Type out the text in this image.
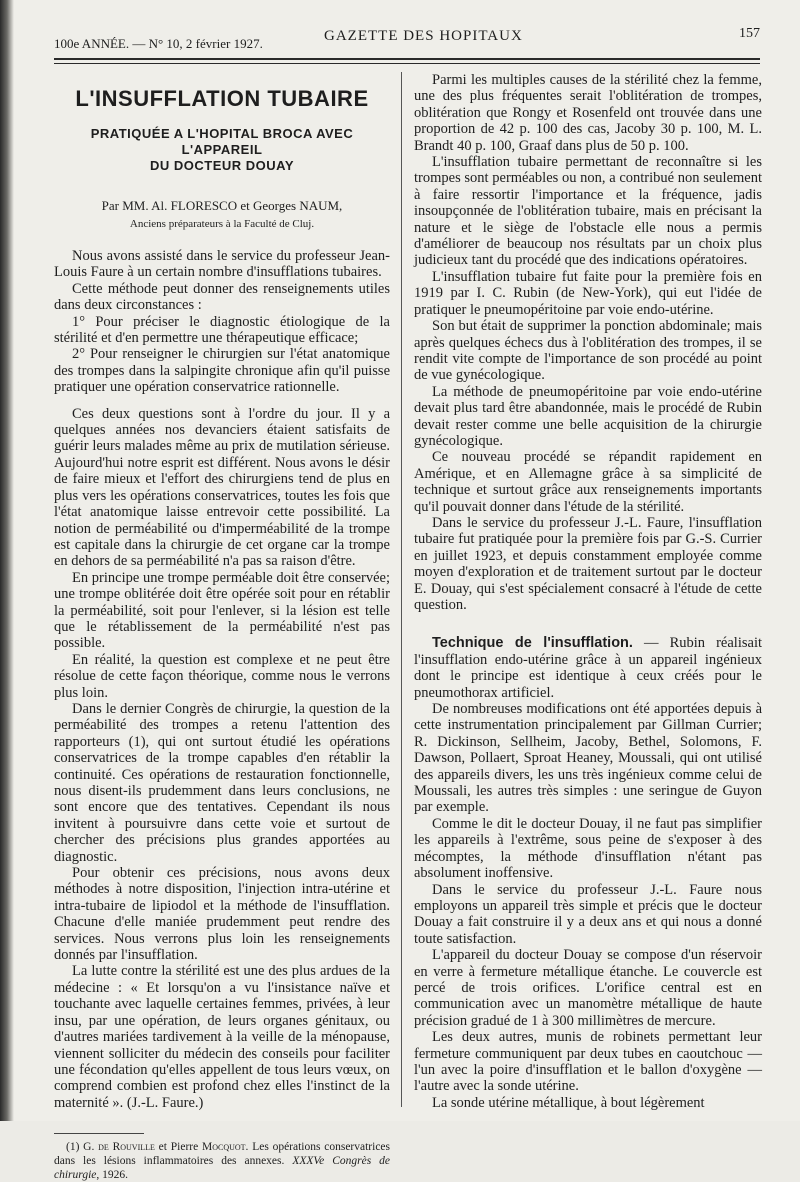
100e ANNÉE. — N° 10, 2 février 1927.	GAZETTE DES HOPITAUX	157
L'INSUFFLATION TUBAIRE
PRATIQUÉE A L'HOPITAL BROCA AVEC L'APPAREIL
DU DOCTEUR DOUAY

Par MM. Al. FLORESCO et Georges NAUM,

Anciens préparateurs à la Faculté de Cluj.

Nous avons assisté dans le service du professeur Jean-Louis Faure à un certain nombre d'insufflations tubaires.

Cette méthode peut donner des renseignements utiles dans deux circonstances :

1° Pour préciser le diagnostic étiologique de la stérilité et d'en permettre une thérapeutique efficace;

2° Pour renseigner le chirurgien sur l'état anatomique des trompes dans la salpingite chronique afin qu'il puisse pratiquer une opération conservatrice rationnelle.

Ces deux questions sont à l'ordre du jour. Il y a quelques années nos devanciers étaient satisfaits de guérir leurs malades même au prix de mutilation sérieuse. Aujourd'hui notre esprit est différent. Nous avons le désir de faire mieux et l'effort des chirurgiens tend de plus en plus vers les opérations conservatrices, toutes les fois que l'état anatomique laisse entrevoir cette possibilité. La notion de perméabilité ou d'imperméabilité de la trompe est capitale dans la chirurgie de cet organe car la trompe en dehors de sa perméabilité n'a pas sa raison d'être.

En principe une trompe perméable doit être conservée; une trompe oblitérée doit être opérée soit pour en rétablir la perméabilité, soit pour l'enlever, si la lésion est telle que le rétablissement de la perméabilité n'est pas possible.

En réalité, la question est complexe et ne peut être résolue de cette façon théorique, comme nous le verrons plus loin.

Dans le dernier Congrès de chirurgie, la question de la perméabilité des trompes a retenu l'attention des rapporteurs (1), qui ont surtout étudié les opérations conservatrices de la trompe capables d'en rétablir la continuité. Ces opérations de restauration fonctionnelle, nous disent-ils prudemment dans leurs conclusions, ne sont encore que des tentatives. Cependant ils nous invitent à poursuivre dans cette voie et surtout de chercher des précisions plus grandes apportées au diagnostic.

Pour obtenir ces précisions, nous avons deux méthodes à notre disposition, l'injection intra-utérine et intra-tubaire de lipiodol et la méthode de l'insufflation. Chacune d'elle maniée prudemment peut rendre des services. Nous verrons plus loin les renseignements donnés par l'insufflation.

La lutte contre la stérilité est une des plus ardues de la médecine : « Et lorsqu'on a vu l'insistance naïve et touchante avec laquelle certaines femmes, privées, à leur insu, par une opération, de leurs organes génitaux, ou d'autres mariées tardivement à la veille de la ménopause, viennent solliciter du médecin des conseils pour faciliter une fécondation qu'elles appellent de tous leurs vœux, on comprend combien est profond chez elles l'instinct de la maternité ». (J.-L. Faure.)

(1) G. de Rouville et Pierre Mocquot. Les opérations conservatrices dans les lésions inflammatoires des annexes. XXXVe Congrès de chirurgie, 1926.

Parmi les multiples causes de la stérilité chez la femme, une des plus fréquentes serait l'oblitération de trompes, oblitération que Rongy et Rosenfeld ont trouvée dans une proportion de 42 p. 100 des cas, Jacoby 30 p. 100, M. L. Brandt 40 p. 100, Graaf dans plus de 50 p. 100.

L'insufflation tubaire permettant de reconnaître si les trompes sont perméables ou non, a contribué non seulement à faire ressortir l'importance et la fréquence, jadis insoupçonnée de l'oblitération tubaire, mais en précisant la nature et le siège de l'obstacle elle nous a permis d'améliorer de beaucoup nos résultats par un choix plus judicieux tant du procédé que des indications opératoires.

L'insufflation tubaire fut faite pour la première fois en 1919 par I. C. Rubin (de New-York), qui eut l'idée de pratiquer le pneumopéritoine par voie endo-utérine.

Son but était de supprimer la ponction abdominale; mais après quelques échecs dus à l'oblitération des trompes, il se rendit vite compte de l'importance de son procédé au point de vue gynécologique.

La méthode de pneumopéritoine par voie endo-utérine devait plus tard être abandonnée, mais le procédé de Rubin devait rester comme une belle acquisition de la chirurgie gynécologique.

Ce nouveau procédé se répandit rapidement en Amérique, et en Allemagne grâce à sa simplicité de technique et surtout grâce aux renseignements importants qu'il pouvait donner dans l'étude de la stérilité.

Dans le service du professeur J.-L. Faure, l'insufflation tubaire fut pratiquée pour la première fois par G.-S. Currier en juillet 1923, et depuis constamment employée comme moyen d'exploration et de traitement surtout par le docteur E. Douay, qui s'est spécialement consacré à l'étude de cette question.

Technique de l'insufflation. — Rubin réalisait l'insufflation endo-utérine grâce à un appareil ingénieux dont le principe est identique à ceux créés pour le pneumothorax artificiel.

De nombreuses modifications ont été apportées depuis à cette instrumentation principalement par Gillman Currier; R. Dickinson, Sellheim, Jacoby, Bethel, Solomons, F. Dawson, Pollaert, Sproat Heaney, Moussali, qui ont utilisé des appareils divers, les uns très ingénieux comme celui de Moussali, les autres très simples : une seringue de Guyon par exemple.

Comme le dit le docteur Douay, il ne faut pas simplifier les appareils à l'extrême, sous peine de s'exposer à des mécomptes, la méthode d'insufflation n'étant pas absolument inoffensive.

Dans le service du professeur J.-L. Faure nous employons un appareil très simple et précis que le docteur Douay a fait construire il y a deux ans et qui nous a donné toute satisfaction.

L'appareil du docteur Douay se compose d'un réservoir en verre à fermeture métallique étanche. Le couvercle est percé de trois orifices. L'orifice central est en communication avec un manomètre métallique de haute précision gradué de 1 à 300 millimètres de mercure.

Les deux autres, munis de robinets permettant leur fermeture communiquent par deux tubes en caoutchouc — l'un avec la poire d'insufflation et le ballon d'oxygène — l'autre avec la sonde utérine.

La sonde utérine métallique, à bout légèrement
